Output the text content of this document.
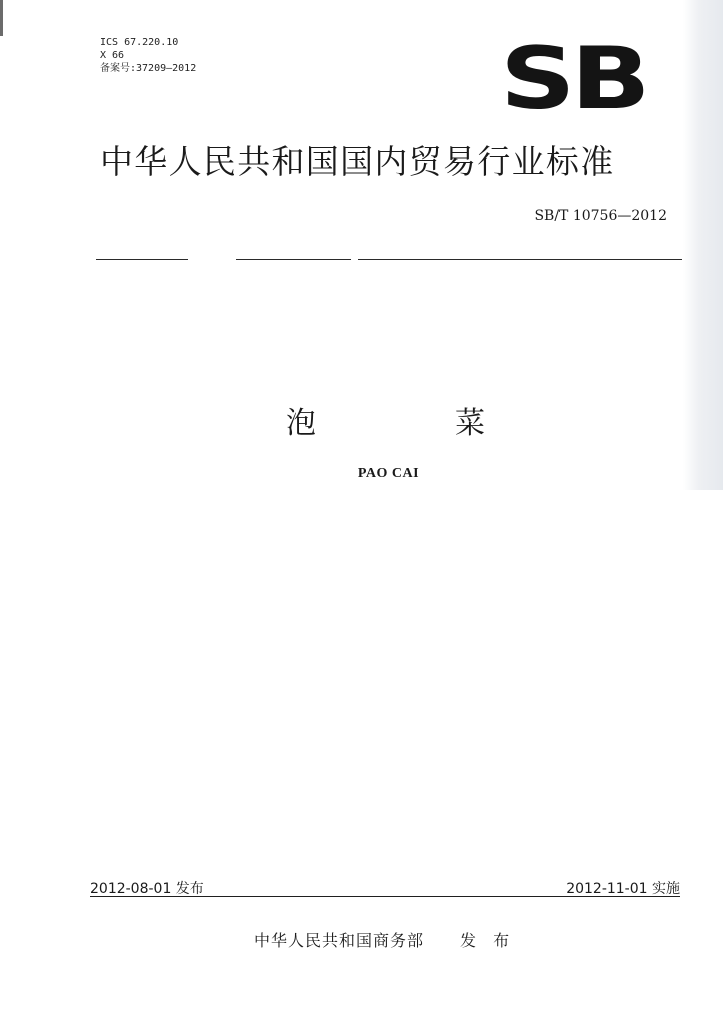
ICS 67.220.10
X 66
备案号:37209—2012	SB
中华人民共和国国内贸易行业标准
SB/T 10756—2012
泡	菜
PAO CAI
2012-08-01 发布	2012-11-01 实施
中华人民共和国商务部 发 布
